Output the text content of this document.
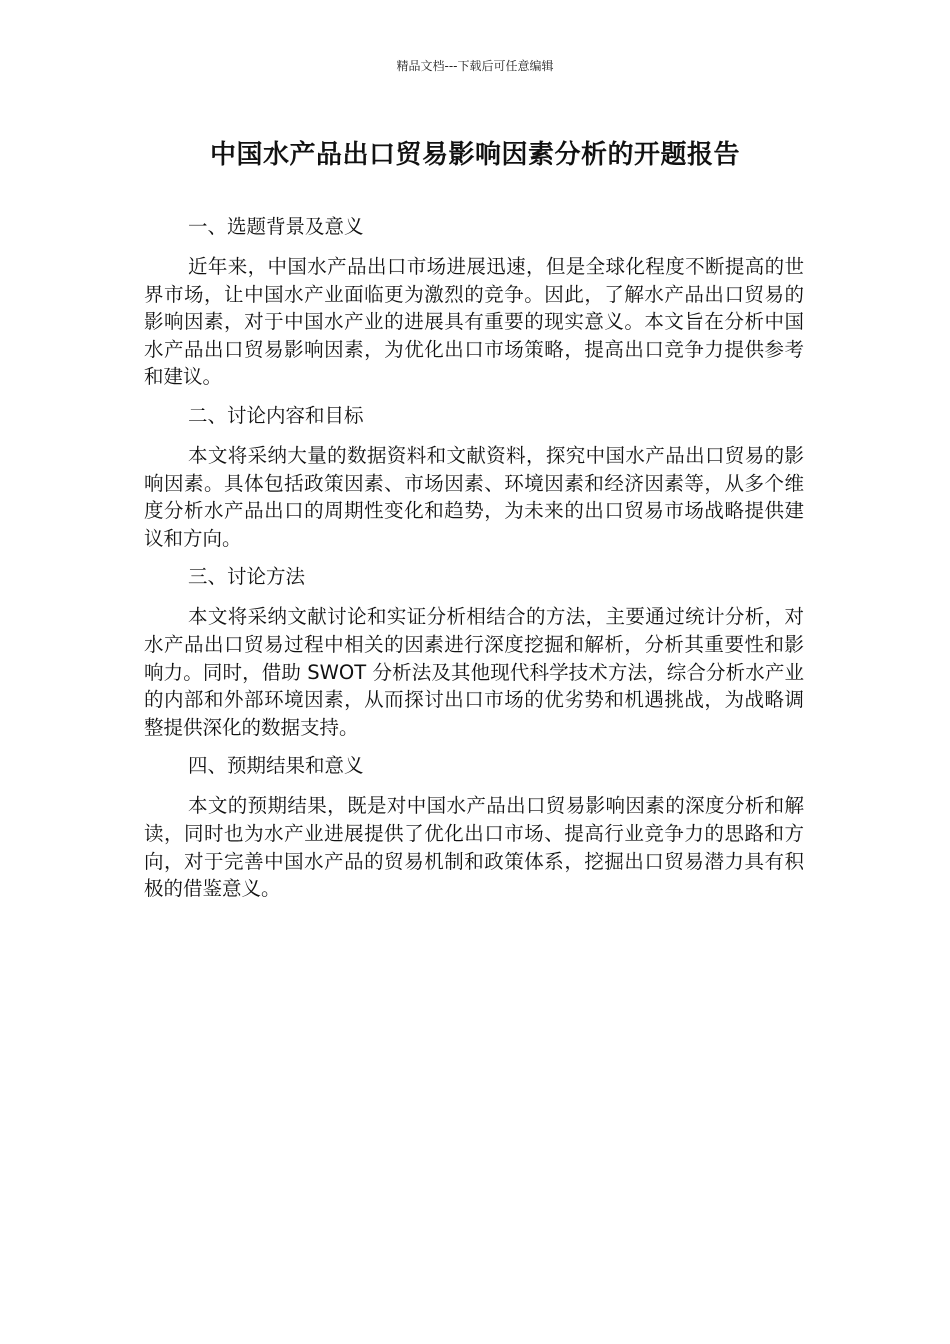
精品文档---下载后可任意编辑
中国水产品出口贸易影响因素分析的开题报告

一、选题背景及意义

近年来，中国水产品出口市场进展迅速，但是全球化程度不断提高的世界市场，让中国水产业面临更为激烈的竞争。因此，了解水产品出口贸易的影响因素，对于中国水产业的进展具有重要的现实意义。本文旨在分析中国水产品出口贸易影响因素，为优化出口市场策略，提高出口竞争力提供参考和建议。

二、讨论内容和目标

本文将采纳大量的数据资料和文献资料，探究中国水产品出口贸易的影响因素。具体包括政策因素、市场因素、环境因素和经济因素等，从多个维度分析水产品出口的周期性变化和趋势，为未来的出口贸易市场战略提供建议和方向。

三、讨论方法

本文将采纳文献讨论和实证分析相结合的方法，主要通过统计分析，对水产品出口贸易过程中相关的因素进行深度挖掘和解析，分析其重要性和影响力。同时，借助 SWOT 分析法及其他现代科学技术方法，综合分析水产业的内部和外部环境因素，从而探讨出口市场的优劣势和机遇挑战，为战略调整提供深化的数据支持。

四、预期结果和意义

本文的预期结果，既是对中国水产品出口贸易影响因素的深度分析和解读，同时也为水产业进展提供了优化出口市场、提高行业竞争力的思路和方向，对于完善中国水产品的贸易机制和政策体系，挖掘出口贸易潜力具有积极的借鉴意义。
